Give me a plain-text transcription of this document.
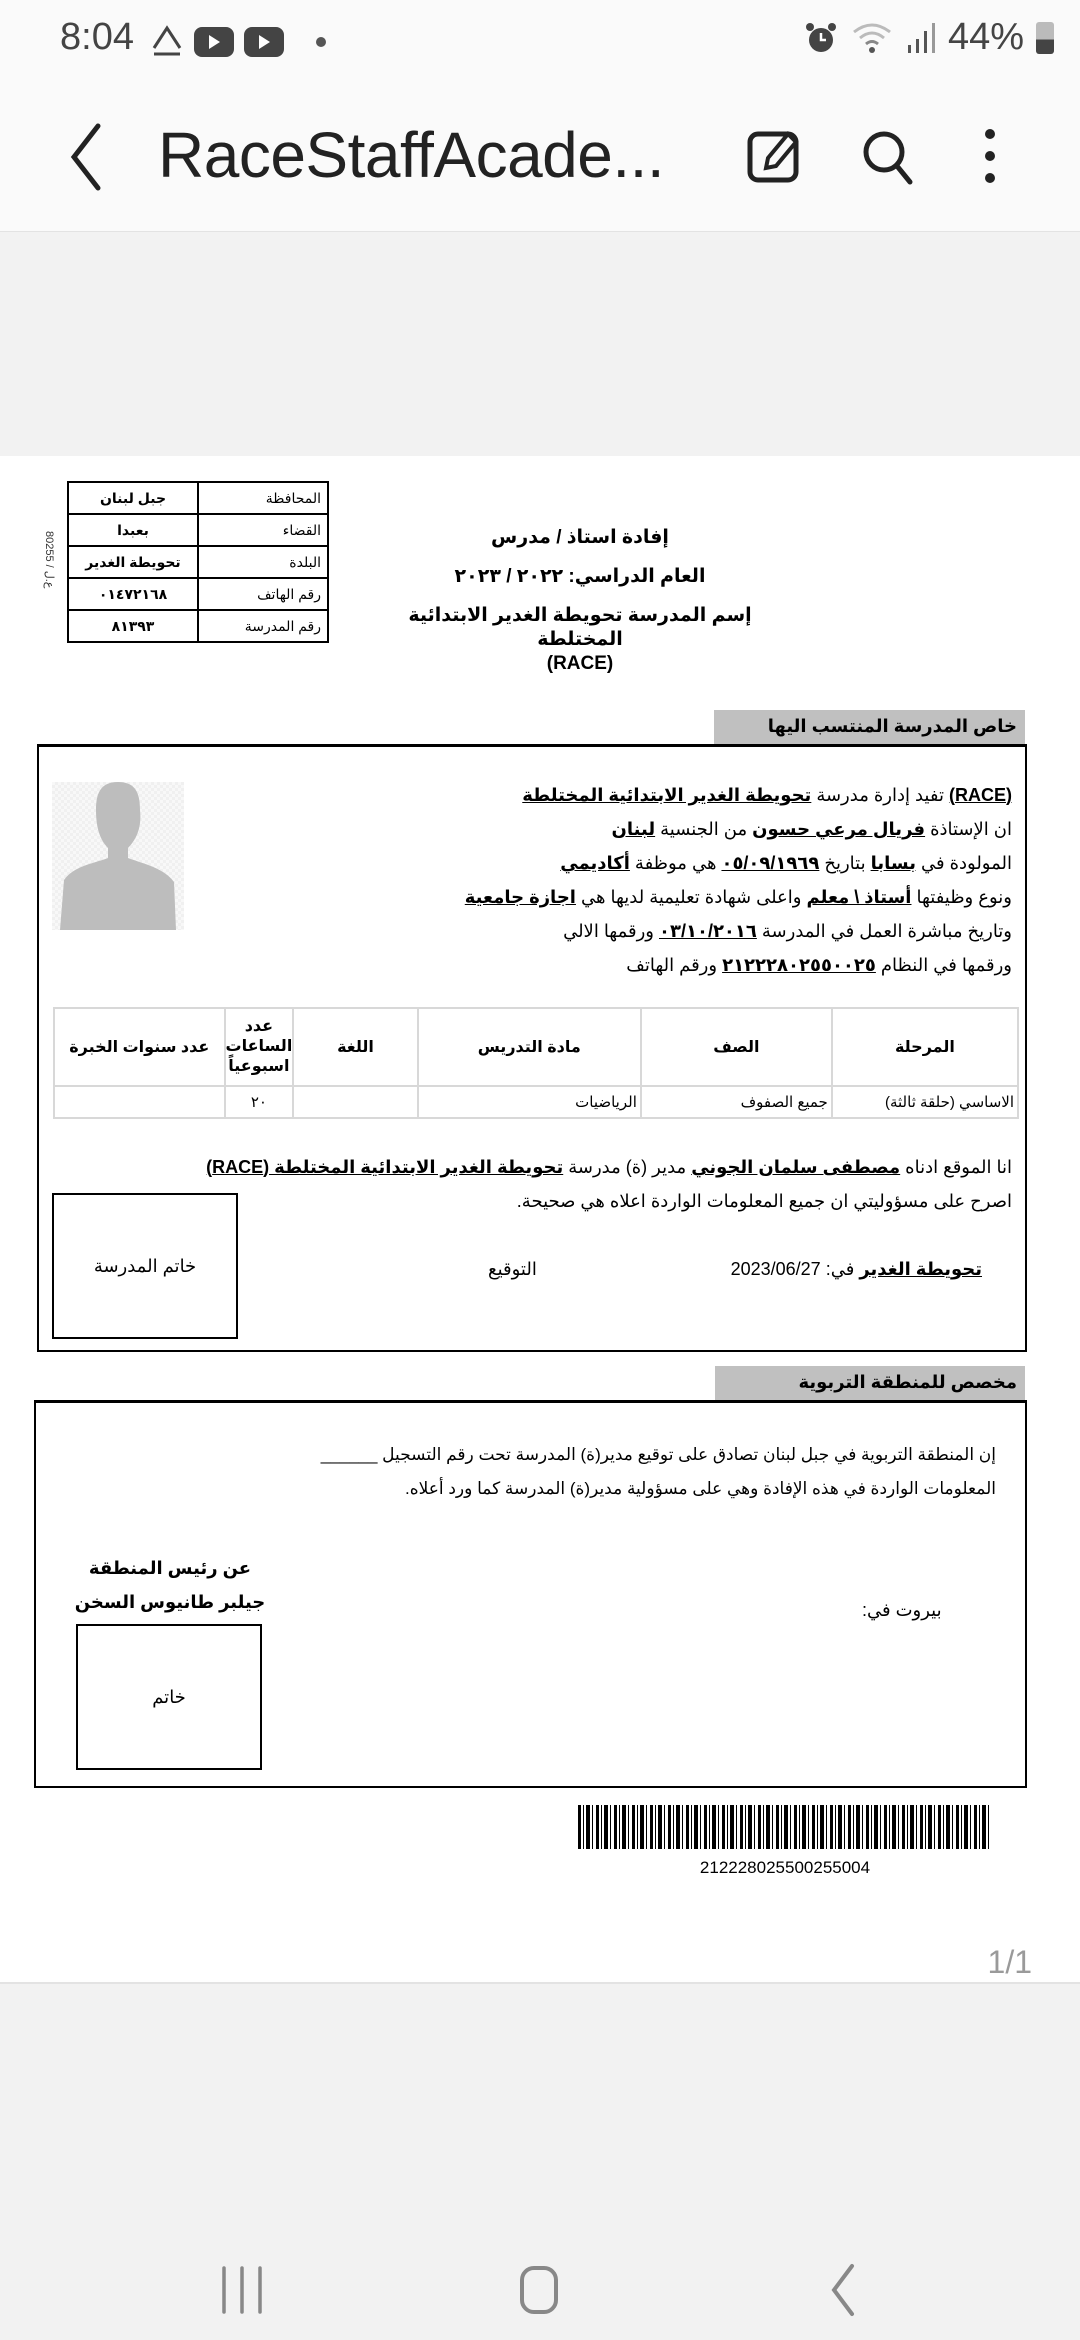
8:04	44%
RaceStaffAcade...
ع.ل / 80255
جبل لبنان	المحافظة
بعبدا	القضاء
تحويطة الغدير	البلدة
٠١٤٧٢١٦٨	رقم الهاتف
٨١٣٩٣	رقم المدرسة
إفادة استاذ / مدرس
العام الدراسي: ٢٠٢٢ / ٢٠٢٣
إسم المدرسة تحويطة الغدير الابتدائية المختلطة
(RACE)
خاص المدرسة المنتسب اليها
(RACE) تفيد إدارة مدرسة تحويطة الغدير الابتدائية المختلطة
ان الإستاذة فريال مرعي حسون من الجنسية لبنان
المولودة في بسابا بتاريخ ٠٥/٠٩/١٩٦٩ هي موظفة أكاديمي
ونوع وظيفتها أستاذ \ معلم واعلى شهادة تعليمية لديها هي اجازة جامعية
وتاريخ مباشرة العمل في المدرسة ٠٣/١٠/٢٠١٦ ورقمها الالي
ورقمها في النظام ٢١٢٢٢٨٠٢٥٥٠٠٢٥ ورقم الهاتف
المرحلة	الصف	مادة التدريس	اللغة	عدد الساعات اسبوعياً	عدد سنوات الخبرة
الاساسي (حلقة ثالثة)	جميع الصفوف	الرياضيات		٢٠	
انا الموقع ادناه مصطفى سلمان الجوني مدير (ة) مدرسة تحويطة الغدير الابتدائية المختلطة (RACE)
اصرح على مسؤوليتي ان جميع المعلومات الواردة اعلاه هي صحيحة.
تحويطة الغدير في: 2023/06/27
التوقيع
خاتم المدرسة
مخصص للمنطقة التربوية
إن المنطقة التربوية في جبل لبنان تصادق على توقيع مدير(ة) المدرسة تحت رقم التسجيل ______
المعلومات الواردة في هذه الإفادة وهي على مسؤولية مدير(ة) المدرسة كما ورد أعلاه.
عن رئيس المنطقة
جيلبر طانيوس السخن	بيروت في:
خاتم
212228025500255004
1/1
